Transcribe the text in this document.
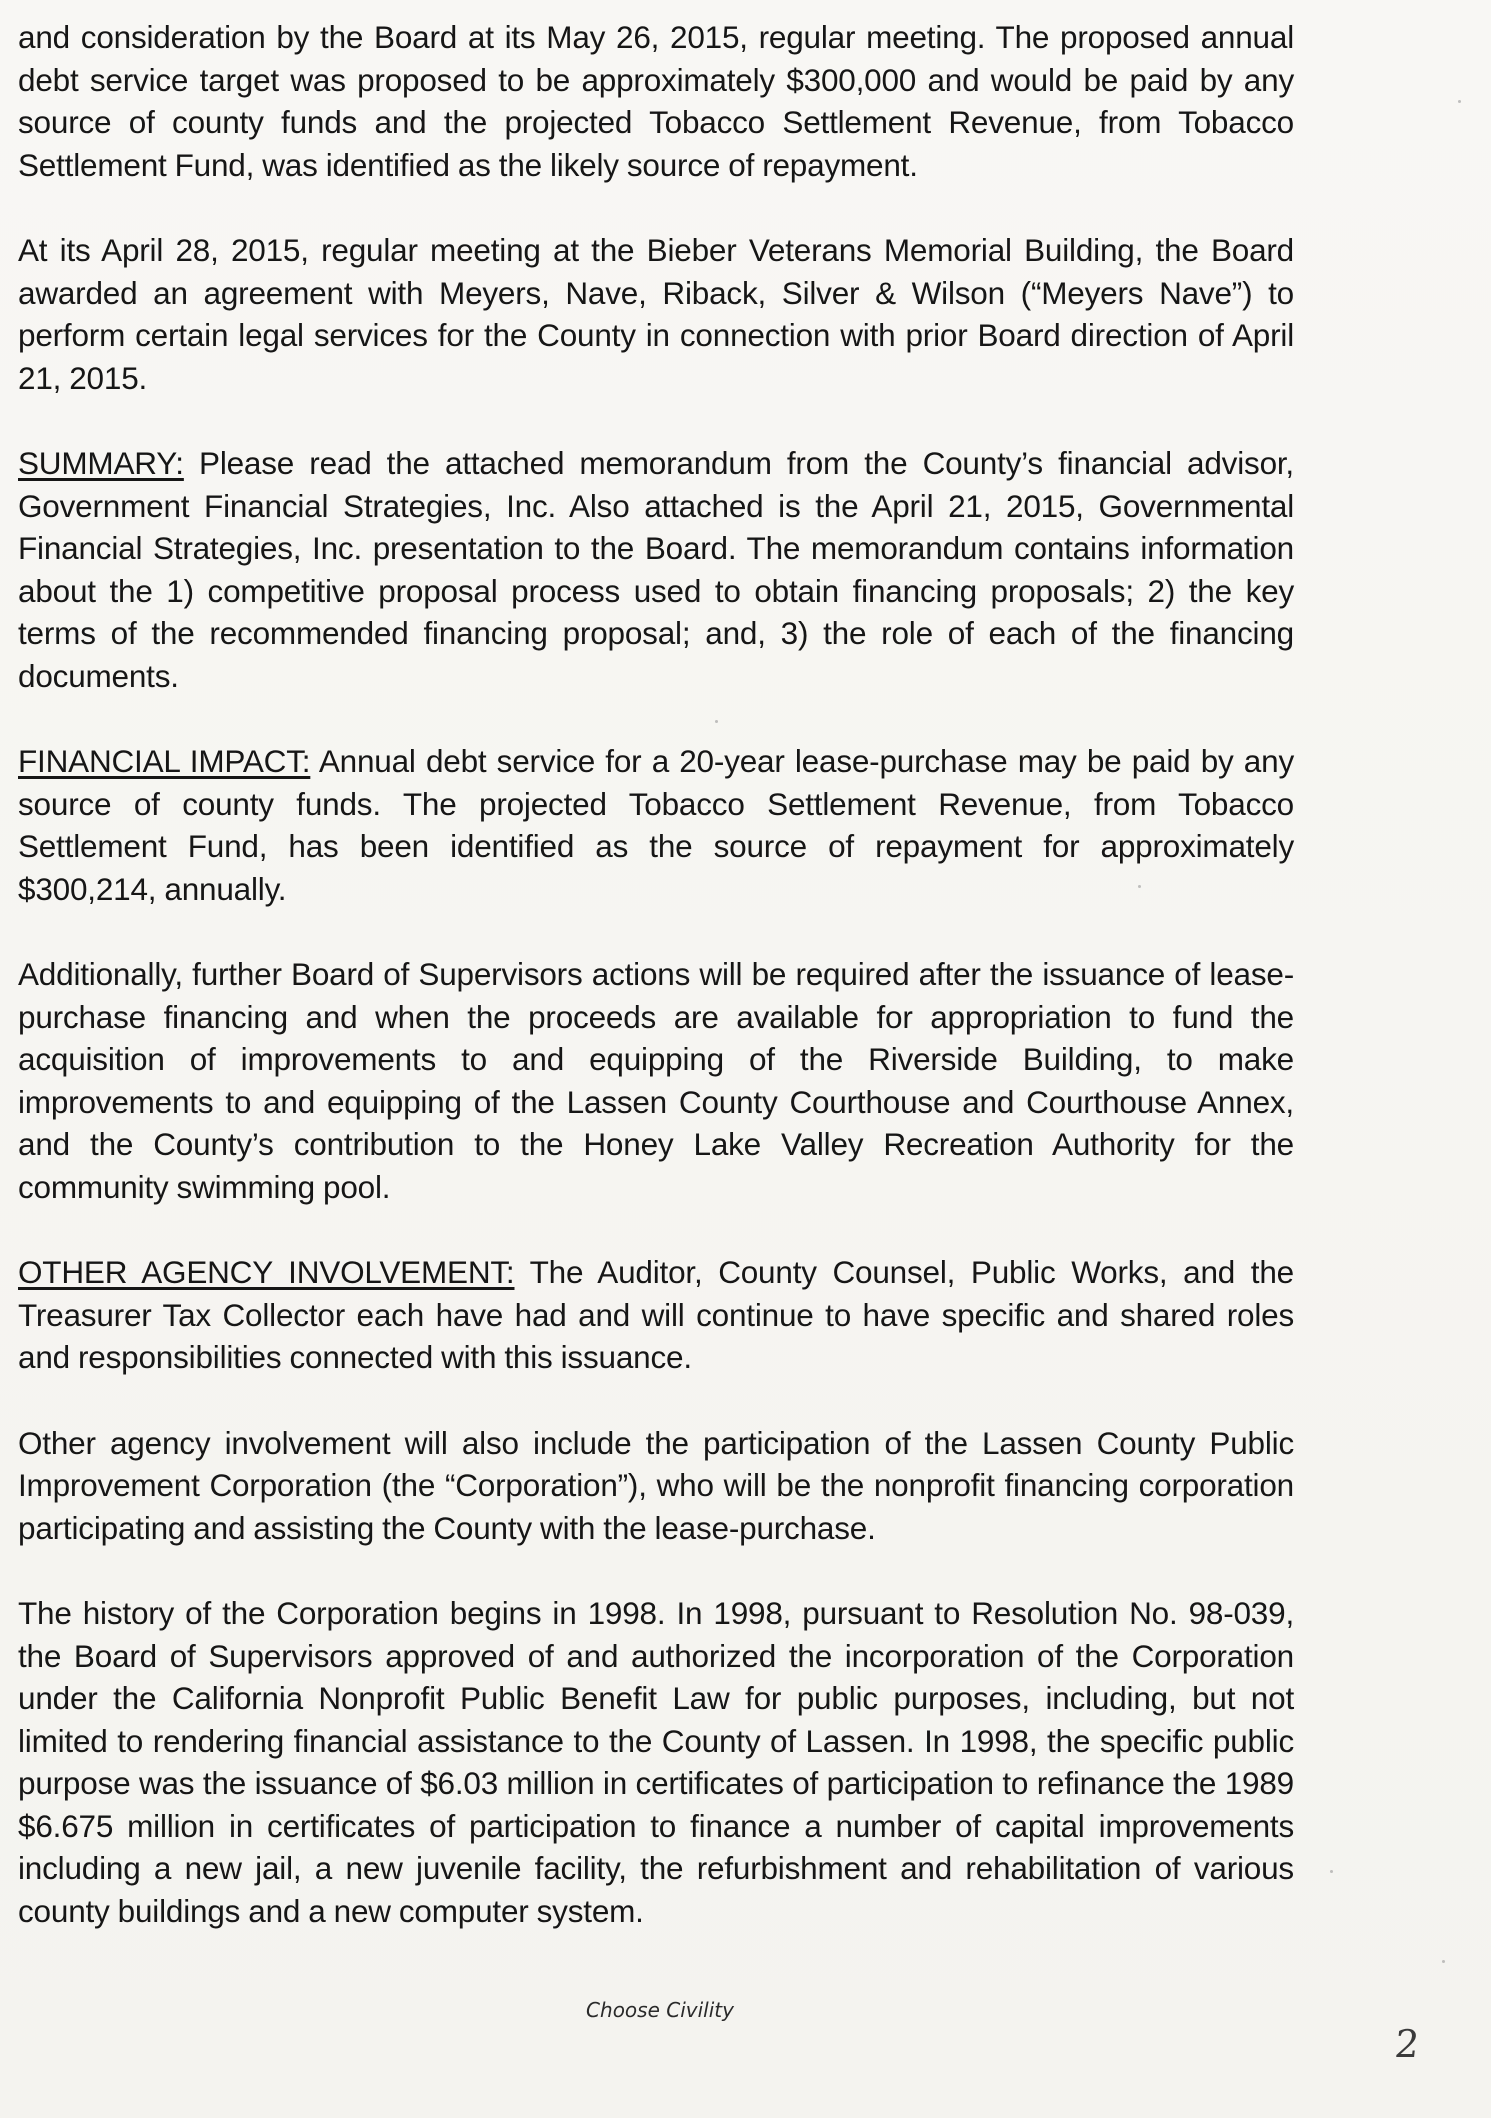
and consideration by the Board at its May 26, 2015, regular meeting. The proposed annual debt service target was proposed to be approximately $300,000 and would be paid by any source of county funds and the projected Tobacco Settlement Revenue, from Tobacco Settlement Fund, was identified as the likely source of repayment.

At its April 28, 2015, regular meeting at the Bieber Veterans Memorial Building, the Board awarded an agreement with Meyers, Nave, Riback, Silver & Wilson (“Meyers Nave”) to perform certain legal services for the County in connection with prior Board direction of April 21, 2015.

SUMMARY: Please read the attached memorandum from the County’s financial advisor, Government Financial Strategies, Inc. Also attached is the April 21, 2015, Governmental Financial Strategies, Inc. presentation to the Board. The memorandum contains information about the 1) competitive proposal process used to obtain financing proposals; 2) the key terms of the recommended financing proposal; and, 3) the role of each of the financing documents.

FINANCIAL IMPACT: Annual debt service for a 20-year lease-purchase may be paid by any source of county funds. The projected Tobacco Settlement Revenue, from Tobacco Settlement Fund, has been identified as the source of repayment for approximately $300,214, annually.

Additionally, further Board of Supervisors actions will be required after the issuance of lease-purchase financing and when the proceeds are available for appropriation to fund the acquisition of improvements to and equipping of the Riverside Building, to make improvements to and equipping of the Lassen County Courthouse and Courthouse Annex, and the County’s contribution to the Honey Lake Valley Recreation Authority for the community swimming pool.

OTHER AGENCY INVOLVEMENT: The Auditor, County Counsel, Public Works, and the Treasurer Tax Collector each have had and will continue to have specific and shared roles and responsibilities connected with this issuance.

Other agency involvement will also include the participation of the Lassen County Public Improvement Corporation (the “Corporation”), who will be the nonprofit financing corporation participating and assisting the County with the lease-purchase.

The history of the Corporation begins in 1998. In 1998, pursuant to Resolution No. 98-039, the Board of Supervisors approved of and authorized the incorporation of the Corporation under the California Nonprofit Public Benefit Law for public purposes, including, but not limited to rendering financial assistance to the County of Lassen. In 1998, the specific public purpose was the issuance of $6.03 million in certificates of participation to refinance the 1989 $6.675 million in certificates of participation to finance a number of capital improvements including a new jail, a new juvenile facility, the refurbishment and rehabilitation of various county buildings and a new computer system.

Choose Civility
2
